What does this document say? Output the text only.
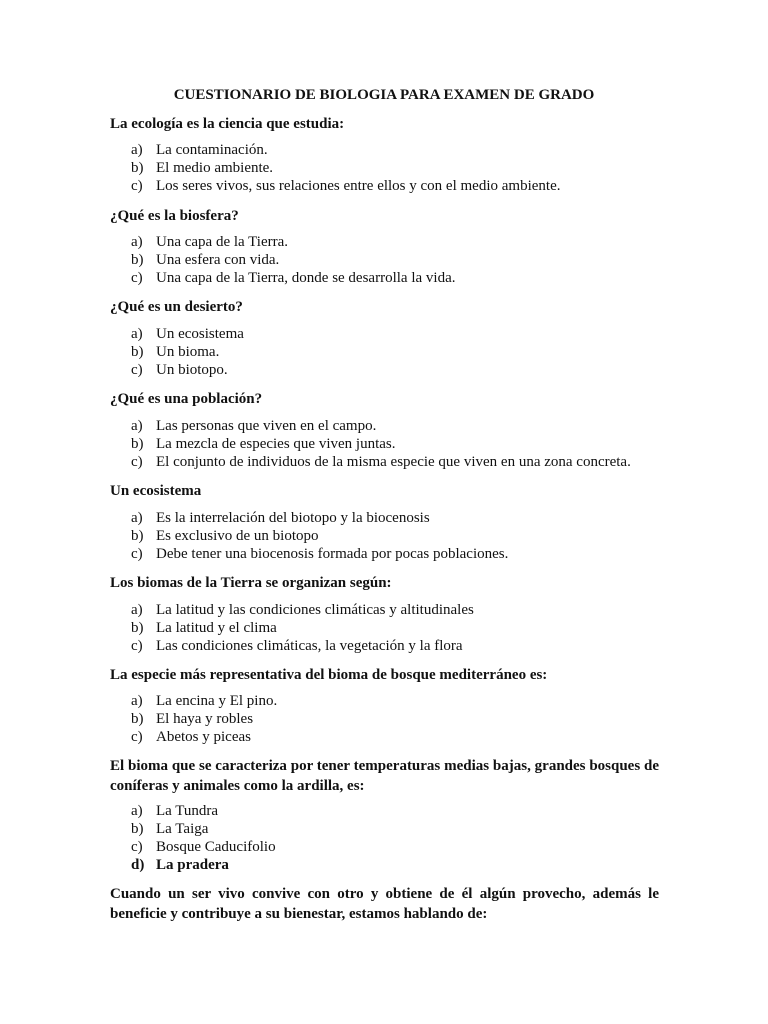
CUESTIONARIO DE BIOLOGIA PARA EXAMEN DE GRADO
La ecología es la ciencia que estudia:
a) La contaminación.
b) El medio ambiente.
c) Los seres vivos, sus relaciones entre ellos y con el medio ambiente.
¿Qué es la biosfera?
a) Una capa de la Tierra.
b) Una esfera con vida.
c) Una capa de la Tierra, donde se desarrolla la vida.
¿Qué es un desierto?
a) Un ecosistema
b) Un bioma.
c) Un biotopo.
¿Qué es una población?
a) Las personas que viven en el campo.
b) La mezcla de especies que viven juntas.
c) El conjunto de individuos de la misma especie que viven en una zona concreta.
Un ecosistema
a) Es la interrelación del biotopo y la biocenosis
b) Es exclusivo de un biotopo
c) Debe tener una biocenosis formada por pocas poblaciones.
Los biomas de la Tierra se organizan según:
a) La latitud y las condiciones climáticas y altitudinales
b) La latitud y el clima
c) Las condiciones climáticas, la vegetación y la flora
La especie más representativa del bioma de bosque mediterráneo es:
a) La encina y El pino.
b) El haya y robles
c) Abetos y piceas
El bioma que se caracteriza por tener temperaturas medias bajas, grandes bosques de coníferas y animales como la ardilla, es:
a) La Tundra
b) La Taiga
c) Bosque Caducifolio
d) La pradera
Cuando un ser vivo convive con otro y obtiene de él algún provecho, además le beneficie y contribuye a su bienestar, estamos hablando de:
